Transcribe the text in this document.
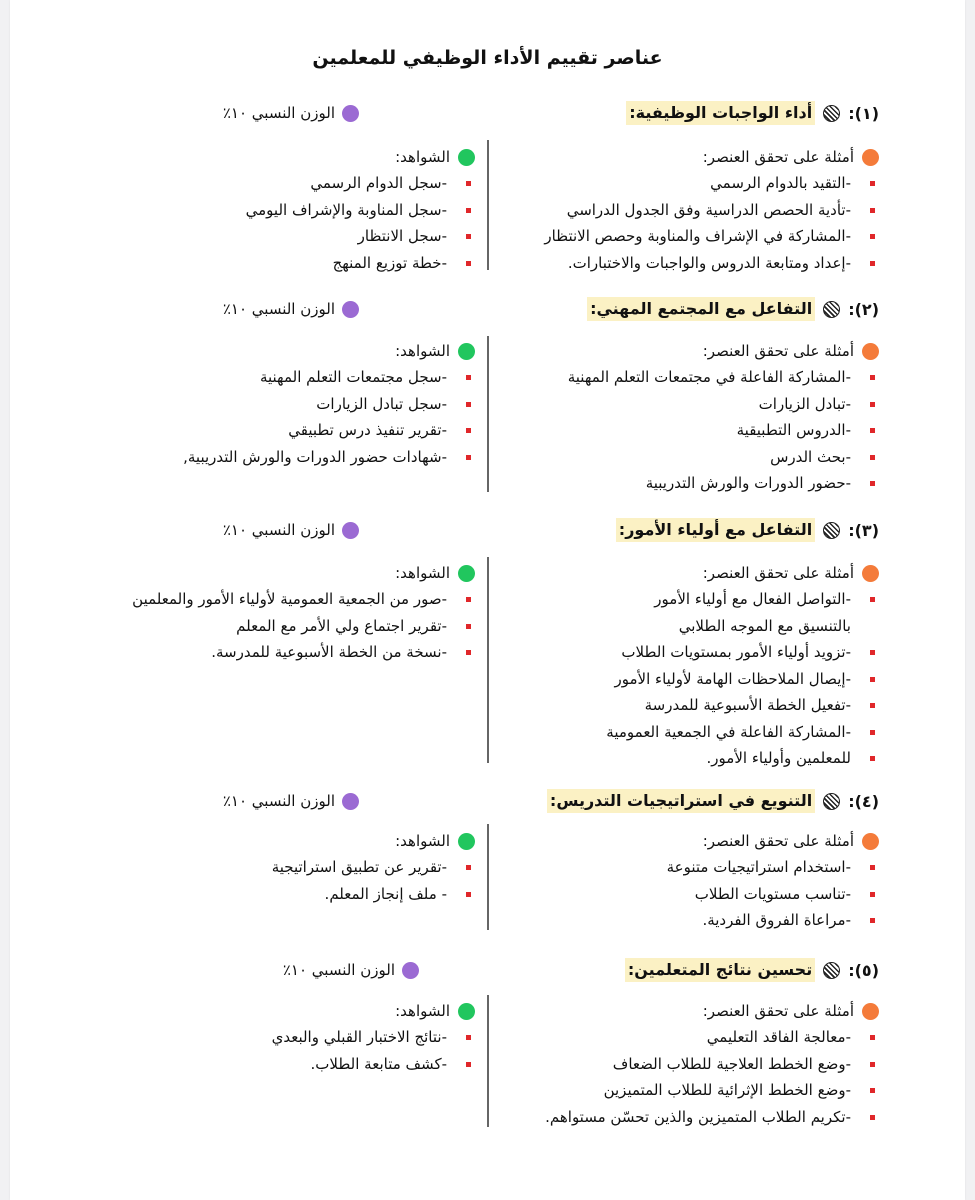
عناصر تقييم الأداء الوظيفي للمعلمين
(١):
أداء الواجبات الوظيفية:
الوزن النسبي ١٠٪
أمثلة على تحقق العنصر:
-التقيد بالدوام الرسمي
-تأدية الحصص الدراسية وفق الجدول الدراسي
-المشاركة في الإشراف والمناوبة وحصص الانتظار
-إعداد ومتابعة الدروس والواجبات والاختبارات.
الشواهد:
-سجل الدوام الرسمي
-سجل المناوبة والإشراف اليومي
-سجل الانتظار
-خطة توزيع المنهج
(٢):
التفاعل مع المجتمع المهني:
الوزن النسبي ١٠٪
أمثلة على تحقق العنصر:
-المشاركة الفاعلة في مجتمعات التعلم المهنية
-تبادل الزيارات
-الدروس التطبيقية
-بحث الدرس
-حضور الدورات والورش التدريبية
الشواهد:
-سجل مجتمعات التعلم المهنية
-سجل تبادل الزيارات
-تقرير تنفيذ درس تطبيقي
-شهادات حضور الدورات والورش التدريبية,
(٣):
التفاعل مع أولياء الأمور:
الوزن النسبي ١٠٪
أمثلة على تحقق العنصر:
-التواصل الفعال مع أولياء الأمور
بالتنسيق مع الموجه الطلابي
-تزويد أولياء الأمور بمستويات الطلاب
-إيصال الملاحظات الهامة لأولياء الأمور
-تفعيل الخطة الأسبوعية للمدرسة
-المشاركة الفاعلة في الجمعية العمومية
للمعلمين وأولياء الأمور.
الشواهد:
-صور من الجمعية العمومية لأولياء الأمور والمعلمين
-تقرير اجتماع ولي الأمر مع المعلم
-نسخة من الخطة الأسبوعية للمدرسة.
(٤):
التنويع في استراتيجيات التدريس:
الوزن النسبي ١٠٪
أمثلة على تحقق العنصر:
-استخدام استراتيجيات متنوعة
-تناسب مستويات الطلاب
-مراعاة الفروق الفردية.
الشواهد:
-تقرير عن تطبيق استراتيجية
- ملف إنجاز المعلم.
(٥):
تحسين نتائج المتعلمين:
الوزن النسبي ١٠٪
أمثلة على تحقق العنصر:
-معالجة الفاقد التعليمي
-وضع الخطط العلاجية للطلاب الضعاف
-وضع الخطط الإثرائية للطلاب المتميزين
-تكريم الطلاب المتميزين والذين تحسّن مستواهم.
الشواهد:
-نتائج الاختبار القبلي والبعدي
-كشف متابعة الطلاب.
